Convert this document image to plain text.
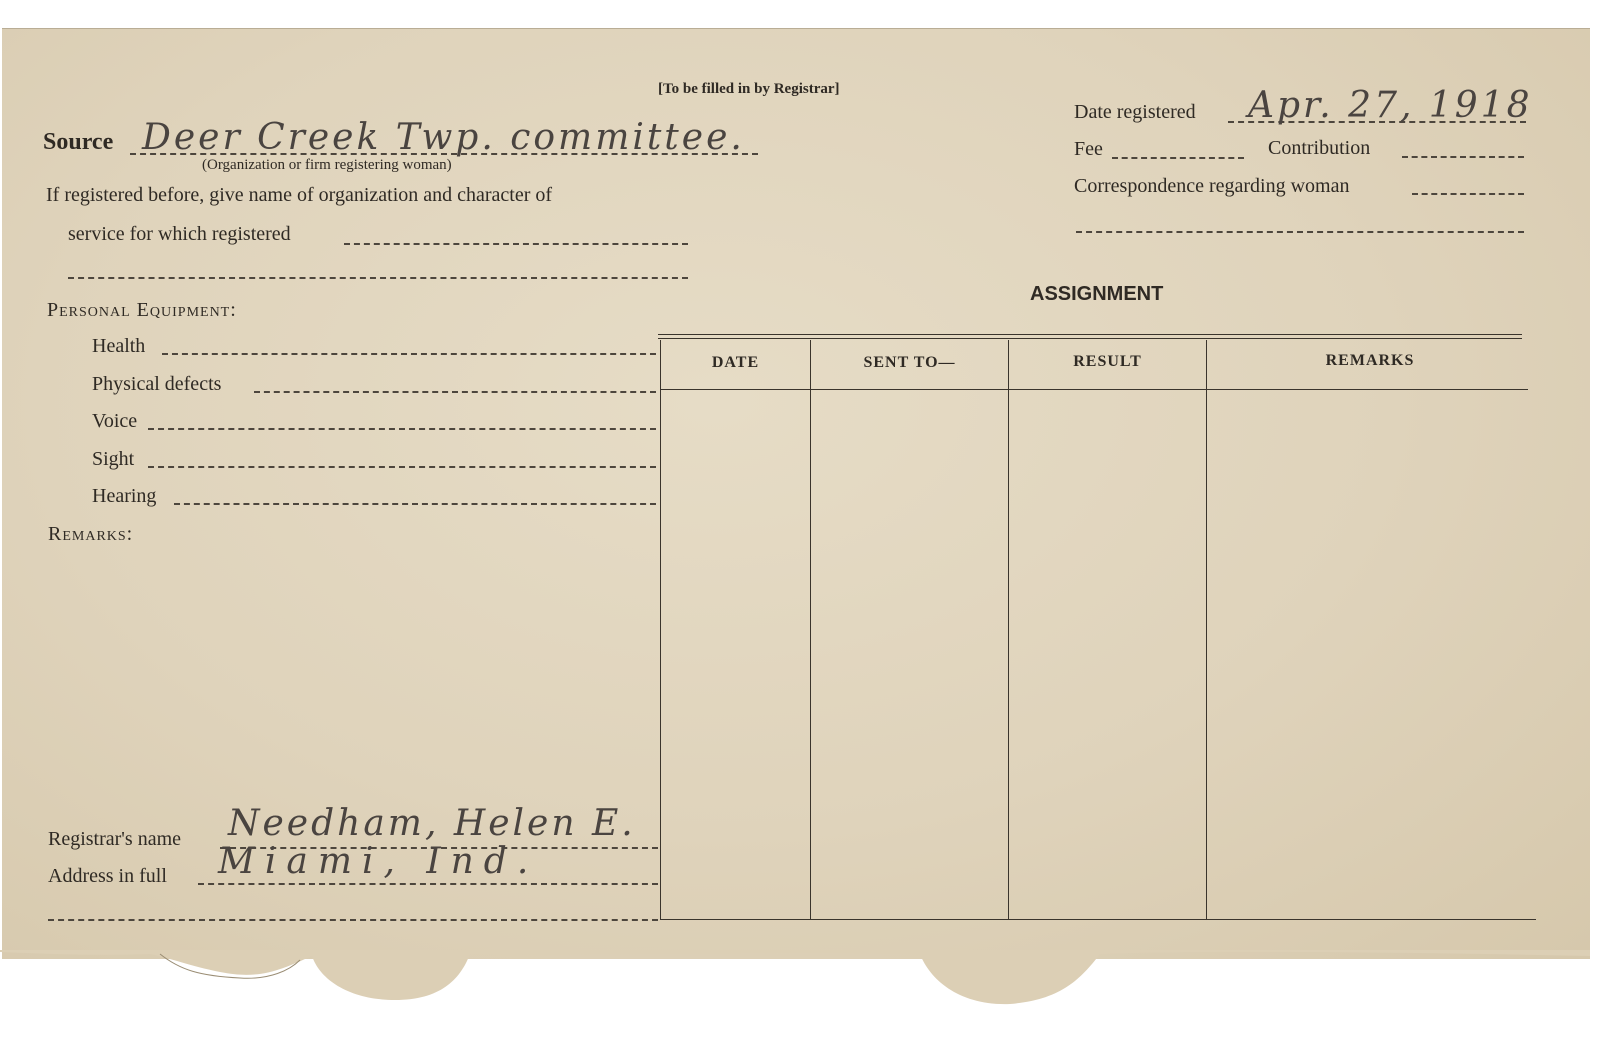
[To be filled in by Registrar]
Source Deer Creek Twp. committee.
(Organization or firm registering woman)
If registered before, give name of organization and character of
service for which registered
Date registered Apr. 27, 1918
Fee	Contribution
Correspondence regarding woman
Personal Equipment:
Health
Physical defects
Voice
Sight
Hearing
Remarks:
Registrar's name Needham, Helen E.
Address in full Miami, Ind.
ASSIGNMENT
DATE	SENT TO—	RESULT	REMARKS
